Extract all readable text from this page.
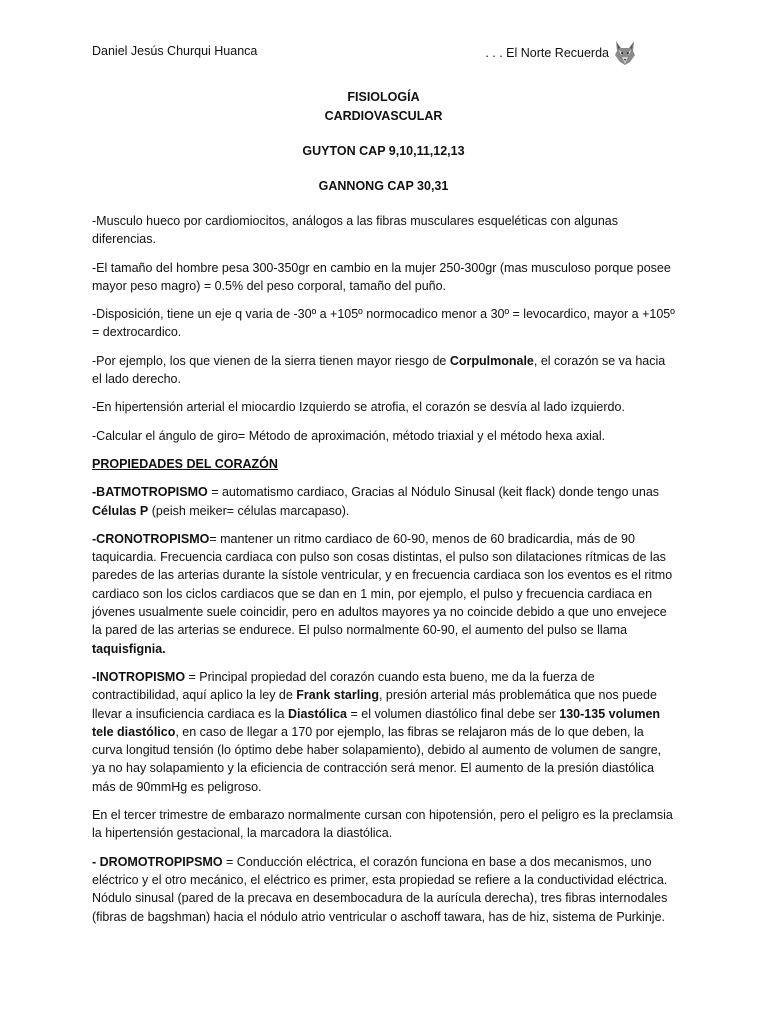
Daniel Jesús Churqui Huanca	. . . El Norte Recuerda
FISIOLOGÍA
CARDIOVASCULAR
GUYTON CAP 9,10,11,12,13
GANNONG CAP 30,31

-Musculo hueco por cardiomiocitos, análogos a las fibras musculares esqueléticas con algunas diferencias.

-El tamaño del hombre pesa 300-350gr en cambio en la mujer 250-300gr (mas musculoso porque posee mayor peso magro) = 0.5% del peso corporal, tamaño del puño.

-Disposición, tiene un eje q varia de -30º a +105º normocadico menor a 30º = levocardico, mayor a +105º = dextrocardico.

-Por ejemplo, los que vienen de la sierra tienen mayor riesgo de Corpulmonale, el corazón se va hacia el lado derecho.

-En hipertensión arterial el miocardio Izquierdo se atrofia, el corazón se desvía al lado izquierdo.

-Calcular el ángulo de giro= Método de aproximación, método triaxial y el método hexa axial.

PROPIEDADES DEL CORAZÓN

-BATMOTROPISMO = automatismo cardiaco, Gracias al Nódulo Sinusal (keit flack) donde tengo unas Células P (peish meiker= células marcapaso).

-CRONOTROPISMO= mantener un ritmo cardiaco de 60-90, menos de 60 bradicardia, más de 90 taquicardia. Frecuencia cardiaca con pulso son cosas distintas, el pulso son dilataciones rítmicas de las paredes de las arterias durante la sístole ventricular, y en frecuencia cardiaca son los eventos es el ritmo cardiaco son los ciclos cardiacos que se dan en 1 min, por ejemplo, el pulso y frecuencia cardiaca en jóvenes usualmente suele coincidir, pero en adultos mayores ya no coincide debido a que uno envejece la pared de las arterias se endurece. El pulso normalmente 60-90, el aumento del pulso se llama taquisfignia.

-INOTROPISMO = Principal propiedad del corazón cuando esta bueno, me da la fuerza de contractibilidad, aquí aplico la ley de Frank starling, presión arterial más problemática que nos puede llevar a insuficiencia cardiaca es la Diastólica = el volumen diastólico final debe ser 130-135 volumen tele diastólico, en caso de llegar a 170 por ejemplo, las fibras se relajaron más de lo que deben, la curva longitud tensión (lo óptimo debe haber solapamiento), debido al aumento de volumen de sangre, ya no hay solapamiento y la eficiencia de contracción será menor. El aumento de la presión diastólica más de 90mmHg es peligroso.

En el tercer trimestre de embarazo normalmente cursan con hipotensión, pero el peligro es la preclamsia la hipertensión gestacional, la marcadora la diastólica.

- DROMOTROPIPSMO = Conducción eléctrica, el corazón funciona en base a dos mecanismos, uno eléctrico y el otro mecánico, el eléctrico es primer, esta propiedad se refiere a la conductividad eléctrica. Nódulo sinusal (pared de la precava en desembocadura de la aurícula derecha), tres fibras internodales (fibras de bagshman) hacia el nódulo atrio ventricular o aschoff tawara, has de hiz, sistema de Purkinje.
